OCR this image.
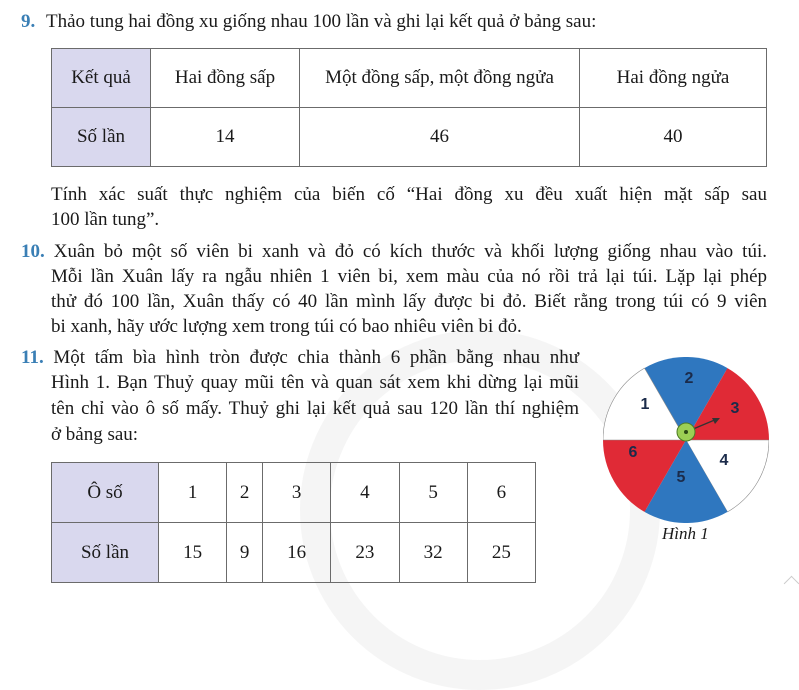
9. Thảo tung hai đồng xu giống nhau 100 lần và ghi lại kết quả ở bảng sau:
Kết quả	Hai đồng sấp	Một đồng sấp, một đồng ngửa	Hai đồng ngửa
Số lần	14	46	40
Tính xác suất thực nghiệm của biến cố “Hai đồng xu đều xuất hiện mặt sấp sau
100 lần tung”.
10. Xuân bỏ một số viên bi xanh và đỏ có kích thước và khối lượng giống nhau vào túi.
Mỗi lần Xuân lấy ra ngẫu nhiên 1 viên bi, xem màu của nó rồi trả lại túi. Lặp lại phép
thử đó 100 lần, Xuân thấy có 40 lần mình lấy được bi đỏ. Biết rằng trong túi có 9 viên
bi xanh, hãy ước lượng xem trong túi có bao nhiêu viên bi đỏ.
11. Một tấm bìa hình tròn được chia thành 6 phần bằng nhau như
Hình 1. Bạn Thuỷ quay mũi tên và quan sát xem khi dừng lại mũi
tên chỉ vào ô số mấy. Thuỷ ghi lại kết quả sau 120 lần thí nghiệm
ở bảng sau:
Ô số	1	2	3	4	5	6
Số lần	15	9	16	23	32	25
1
2
3
4
5
6
Hình 1
